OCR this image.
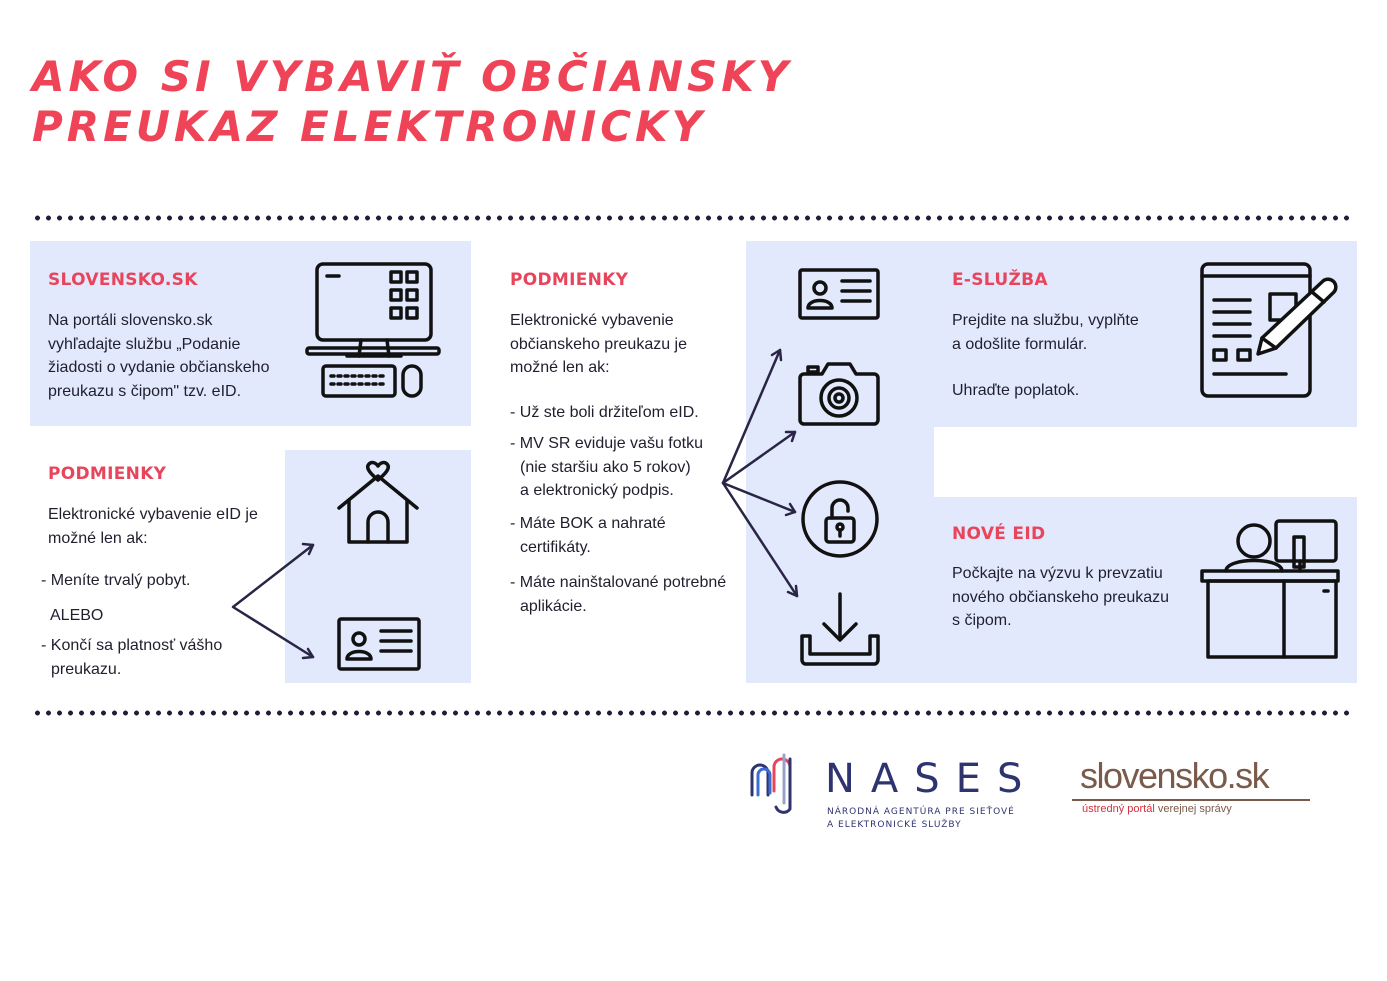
AKO SI VYBAVIŤ OBČIANSKY
PREUKAZ ELEKTRONICKY
SLOVENSKO.SK
Na portáli slovensko.sk
vyhľadajte službu „Podanie
žiadosti o vydanie občianskeho
preukazu s čipom" tzv. eID.
PODMIENKY
Elektronické vybavenie eID je
možné len ak:
- Meníte trvalý pobyt.
ALEBO
- Končí sa platnosť vášho
preukazu.
PODMIENKY
Elektronické vybavenie
občianskeho preukazu je
možné len ak:
- Už ste boli držiteľom eID.
- MV SR eviduje vašu fotku
(nie staršiu ako 5 rokov)
a elektronický podpis.
- Máte BOK a nahraté
certifikáty.
- Máte nainštalované potrebné
aplikácie.
E-SLUŽBA
Prejdite na službu, vyplňte
a odošlite formulár.
Uhraďte poplatok.
NOVÉ EID
Počkajte na výzvu k prevzatiu
nového občianskeho preukazu
s čipom.
NASES
NÁRODNÁ AGENTÚRA PRE SIEŤOVÉ
A ELEKTRONICKÉ SLUŽBY
slovensko.sk
ústredný portál verejnej správy
